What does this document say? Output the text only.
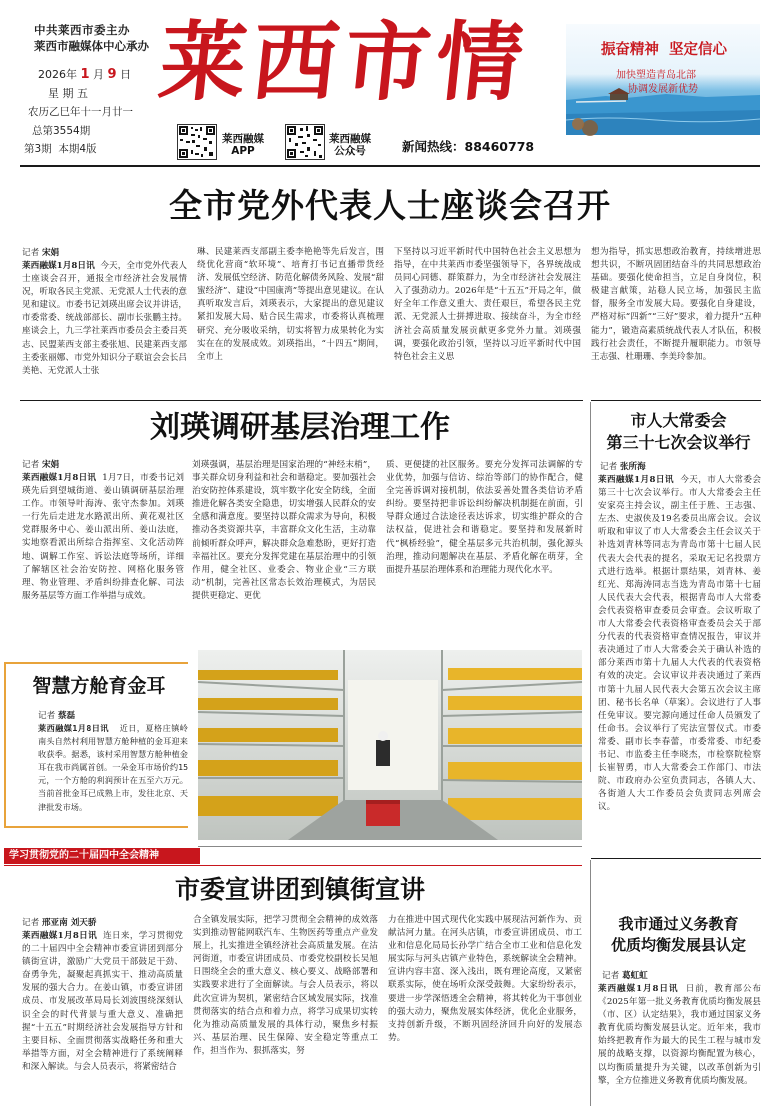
中共莱西市委主办
莱西市融媒体中心承办
2026年 1 月 9 日
星 期 五
农历乙巳年十一月廿一
总第3554期
第3期  本期4版
莱西市情
莱西融媒
APP
莱西融媒
公众号	新闻热线：88460778
振奋精神  坚定信心
加快塑造青岛北部
协调发展新优势
全市党外代表人士座谈会召开
记者 宋娟
莱西融媒1月8日讯 今天，全市党外代表人士座谈会召开，通报全市经济社会发展情况，听取各民主党派、无党派人士代表的意见和建议。市委书记刘瑛出席会议并讲话，市委常委、统战部部长、副市长张鹏主持。座谈会上，九三学社莱西市委员会主委吕英志、民盟莱西支部主委张旭、民建莱西支部主委张丽娜、市党外知识分子联谊会会长吕美艳、无党派人士张
琳、民建莱西支部副主委李艳艳等先后发言，围绕优化营商“软环境”、培育打书记直播带货经济、发展低空经济、防范化解债务风险、发展“甜蜜经济”、建设“中国康湾”等提出意见建议。在认真听取发言后，刘瑛表示，大家提出的意见建议紧扣发展大局、贴合民生需求，市委将认真梳理研究、充分吸收采纳，切实将智力成果转化为实实在在的发展成效。刘瑛指出，“十四五”期间，全市上
下坚持以习近平新时代中国特色社会主义思想为指导，在中共莱西市委坚强领导下，各界统战成员同心同德、群策群力，为全市经济社会发展注入了强劲动力。2026年是“十五五”开局之年，做好全年工作意义重大、责任艰巨，希望各民主党派、无党派人士拼搏进取、接续奋斗，为全市经济社会高质量发展贡献更多党外力量。刘瑛强调，要强化政治引领，坚持以习近平新时代中国特色社会主义思
想为指导，抓实思想政治教育，持续增进思想共识，不断巩固团结奋斗的共同思想政治基础。要强化使命担当，立足自身岗位，积极建言献策，站稳人民立场，加强民主监督，服务全市发展大局。要强化自身建设，严格对标“四新”“三好”要求，着力提升“五种能力”，锻造高素质统战代表人才队伍，积极践行社会责任，不断提升履职能力。市领导王志强、杜珊珊、李美玲参加。
刘瑛调研基层治理工作
记者 宋娟
莱西融媒1月8日讯 1月7日，市委书记刘瑛先后到望城街道、姜山镇调研基层治理工作。市领导叶海涛、张守杰参加。刘瑛一行先后走进龙水路派出所、黄花观社区党群服务中心、姜山派出所、姜山法庭，实地察看派出所综合指挥室、文化活动阵地、调解工作室、诉讼法庭等场所，详细了解辖区社会治安防控、网格化服务管理、物业管理、矛盾纠纷排查化解、司法服务基层等方面工作举措与成效。
刘瑛强调，基层治理是国家治理的“神经末梢”，事关群众切身利益和社会和谐稳定。要加强社会治安防控体系建设，筑牢数字化安全防线，全面推进化解各类安全隐患，切实增强人民群众的安全感和满意度。要坚持以群众需求为导向，积极推动各类资源共享，丰富群众文化生活，主动靠前倾听群众呼声，解决群众急难愁盼，更好打造幸福社区。要充分发挥党建在基层治理中的引领作用，健全社区、业委会、物业企业“三方联动”机制，完善社区常态长效治理模式，为居民提供更稳定、更优
质、更便捷的社区服务。要充分发挥司法调解的专业优势，加强与信访、综治等部门的协作配合，健全完善诉调对接机制，依法妥善处置各类信访矛盾纠纷。要坚持把非诉讼纠纷解决机制挺在前面，引导群众通过合法途径表达诉求，切实维护群众的合法权益，促进社会和谐稳定。要坚持和发展新时代“枫桥经验”，健全基层多元共治机制，强化源头治理，推动问题解决在基层、矛盾化解在萌芽，全面提升基层治理体系和治理能力现代化水平。
市人大常委会
第三十七次会议举行
记者 张所海
莱西融媒1月8日讯 今天，市人大常委会第三十七次会议举行。市人大常委会主任安家亮主持会议，副主任于胜、王志强、左杰、史淑侠及19名委员出席会议。会议听取和审议了市人大常委会主任会议关于补选刘青林等同志为青岛市第十七届人民代表大会代表的提名，采取无记名投票方式进行选举。根据计票结果，刘青林、姜红光、郑海涛同志当选为青岛市第十七届人民代表大会代表，根据青岛市人大常委会代表资格审查委员会审查。会议听取了市人大常委会代表资格审查委员会关于部分代表的代表资格审查情况报告，审议并表决通过了市人大常委会关于确认补选的部分莱西市第十九届人大代表的代表资格有效的决定。会议审议并表决通过了莱西市第十九届人民代表大会第五次会议主席团、秘书长名单（草案）。会议进行了人事任免审议。要完源向通过任命人员颁发了任命书。会议举行了宪法宣誓仪式。市委常委、副市长李春蕾，市委常委、市纪委书记、市监委主任李晓杰，市检察院检察长崔智勇，市人大常委会工作部门、市法院、市政府办公室负责同志，各镇人大、各街道人大工作委员会负责同志列席会议。
智慧方舱育金耳
记者 蔡磊
莱西融媒1月8日讯 近日，夏格庄镇岭南头自然村利用智慧方舱种植的金耳迎来收获季。据悉，该村采用智慧方舱种植金耳在我市尚属首创。一朵金耳市场价约15元，一个方舱的利润预计在五至六万元。当前首批金耳已成熟上市，发往北京、天津批发市场。
学习贯彻党的二十届四中全会精神
市委宣讲团到镇街宣讲
记者 邢亚南 刘天骄
莱西融媒1月8日讯 连日来，学习贯彻党的二十届四中全会精神市委宣讲团到部分镇街宣讲，激励广大党员干部鼓足干劲、奋勇争先，凝聚起真抓实干、推动高质量发展的强大合力。在姜山镇，市委宣讲团成员、市发展改革局局长刘波围绕深刻认识全会的时代背景与重大意义、准确把握“十五五”时期经济社会发展指导方针和主要目标、全面贯彻落实战略任务和重大举措等方面，对全会精神进行了系统阐释和深入解读。与会人员表示，将紧密结合
合全镇发展实际，把学习贯彻全会精神的成效落实到推动智能网联汽车、生物医药等重点产业发展上，扎实推进全镇经济社会高质量发展。在沽河街道，市委宣讲团成员、市委党校副校长吴旭日围绕全会的重大意义、核心要义、战略部署和实践要求进行了全面解读。与会人员表示，将以此次宣讲为契机，紧密结合区域发展实际，找准贯彻落实的结合点和着力点，将学习成果切实转化为推动高质量发展的具体行动，聚焦乡村振兴、基层治理、民生保障、安全稳定等重点工作，担当作为、狠抓落实，努
力在推进中国式现代化实践中展现沽河新作为、贡献沽河力量。在河头店镇，市委宣讲团成员、市工业和信息化局局长孙学广结合全市工业和信息化发展实际与河头店镇产业特色，系统解读全会精神。宣讲内容丰富、深入浅出，既有理论高度，又紧密联系实际，使在场听众深受鼓舞。大家纷纷表示，要进一步学深悟透全会精神，将其转化为干事创业的强大动力，聚焦发展实体经济，优化企业服务，支持创新升级，不断巩固经济回升向好的发展态势。
我市通过义务教育
优质均衡发展县认定
记者 葛虹虹
莱西融媒1月8日讯 日前，教育部公布《2025年第一批义务教育优质均衡发展县（市、区）认定结果》，我市通过国家义务教育优质均衡发展县认定。近年来，我市始终把教育作为最大的民生工程与城市发展的战略支撑，以资源均衡配置为核心，以均衡质量提升为关键，以改革创新为引擎，全方位推进义务教育优质均衡发展。
